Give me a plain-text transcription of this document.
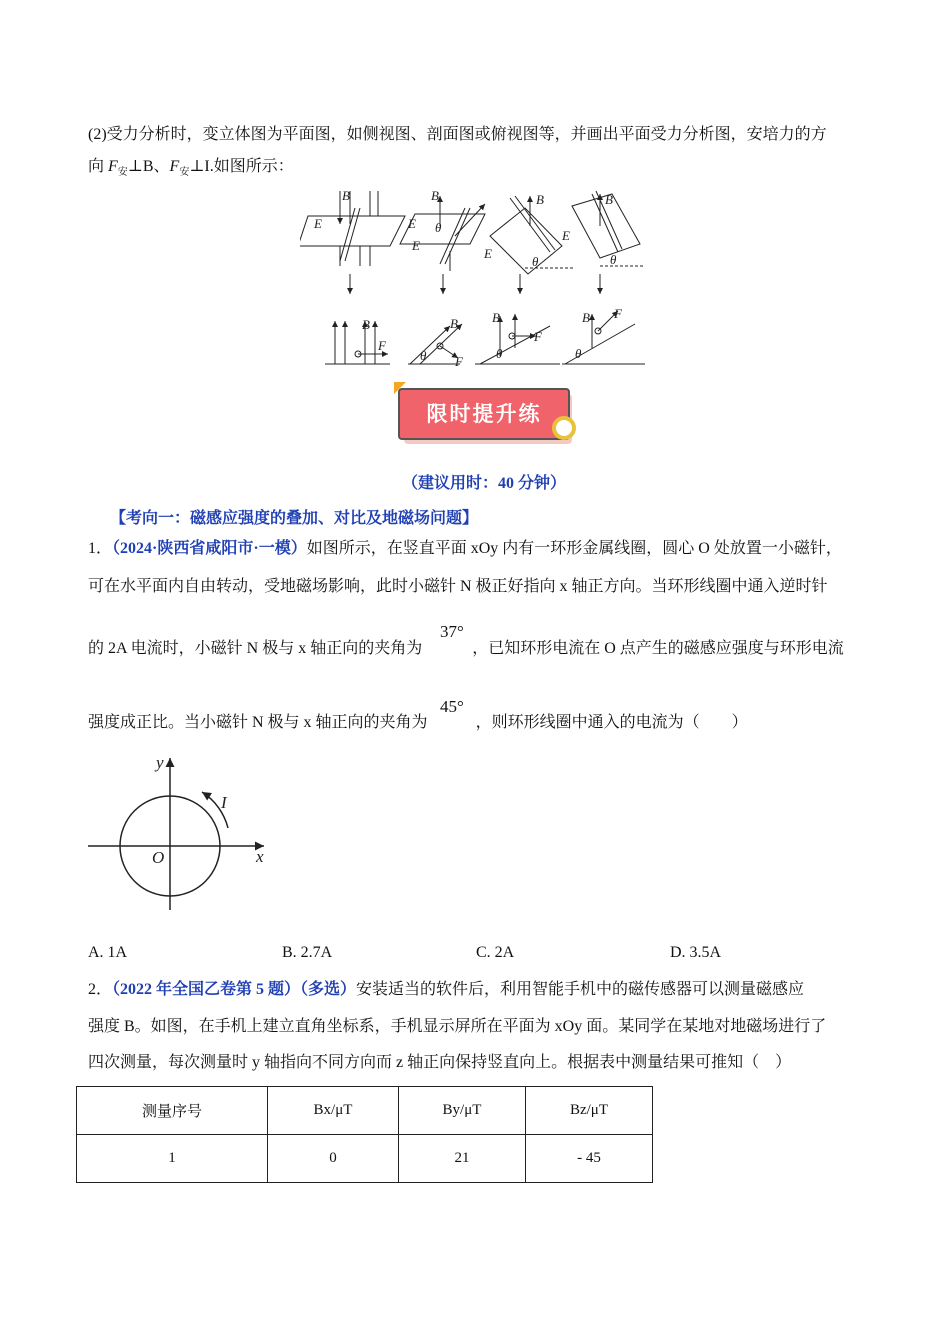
(2)受力分析时，变立体图为平面图，如侧视图、剖面图或俯视图等，并画出平面受力分析图，安培力的方
向 $F_安\perp B$、$F_安\perp I$.如图所示：
B
E
B
E
E
θ
B
E
θ
B
E
θ
B
F
B
θ F
B
θ
F
B
θ
F
限时提升练
（建议用时：40 分钟）
【考向一：磁感应强度的叠加、对比及地磁场问题】
1．（2024·陕西省咸阳市·一模）如图所示，在竖直平面 xOy 内有一环形金属线圈，圆心 O 处放置一小磁针，
可在水平面内自由转动，受地磁场影响，此时小磁针 N 极正好指向 x 轴正方向。当环形线圈中通入逆时针
的 2A 电流时，小磁针 N 极与 x 轴正向的夹角为	，已知环形电流在 O 点产生的磁感应强度与环形电流
37°
强度成正比。当小磁针 N 极与 x 轴正向的夹角为	，则环形线圈中通入的电流为（　　）
45°
y
x
O
I
A. 1A	B. 2.7A	C. 2A	D. 3.5A
2．（2022 年全国乙卷第 5 题）（多选）安装适当的软件后，利用智能手机中的磁传感器可以测量磁感应
强度 B。如图，在手机上建立直角坐标系，手机显示屏所在平面为 xOy 面。某同学在某地对地磁场进行了
四次测量，每次测量时 y 轴指向不同方向而 z 轴正向保持竖直向上。根据表中测量结果可推知（　）
测量序号	Bx/μT	By/μT	Bz/μT
1	0	21	- 45
